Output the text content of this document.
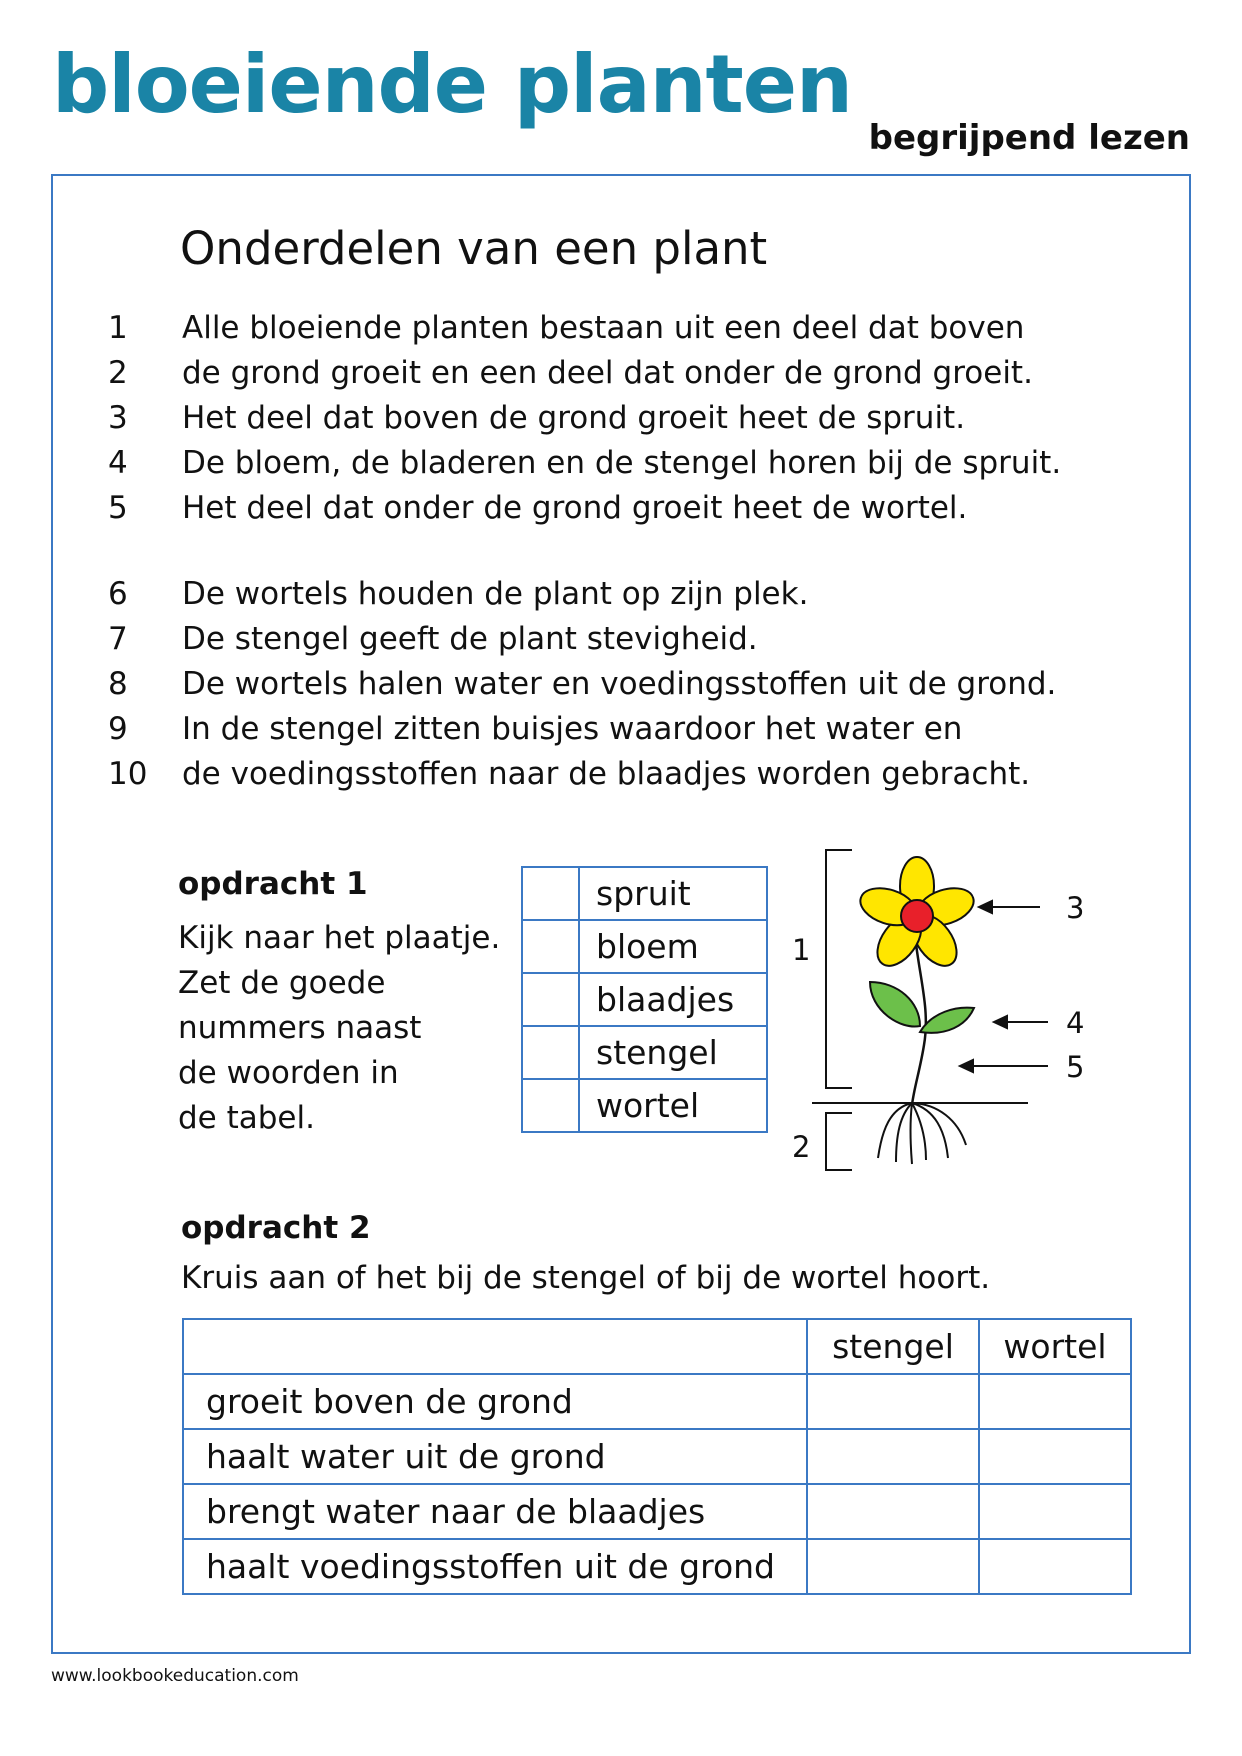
bloeiende planten
begrijpend lezen
Onderdelen van een plant
1	Alle bloeiende planten bestaan uit een deel dat boven
2	de grond groeit en een deel dat onder de grond groeit.
3	Het deel dat boven de grond groeit heet de spruit.
4	De bloem, de bladeren en de stengel horen bij de spruit.
5	Het deel dat onder de grond groeit heet de wortel.
6	De wortels houden de plant op zijn plek.
7	De stengel geeft de plant stevigheid.
8	De wortels halen water en voedingsstoffen uit de grond.
9	In de stengel zitten buisjes waardoor het water en
10	de voedingsstoffen naar de blaadjes worden gebracht.
opdracht 1
Kijk naar het plaatje.
Zet de goede
nummers naast
de woorden in
de tabel.
	spruit
	bloem
	blaadjes
	stengel
	wortel
1
2
3
4
5
opdracht 2

Kruis aan of het bij de stengel of bij de wortel hoort.

	stengel	wortel
groeit boven de grond		
haalt water uit de grond		
brengt water naar de blaadjes		
haalt voedingsstoffen uit de grond		
www.lookbookeducation.com
